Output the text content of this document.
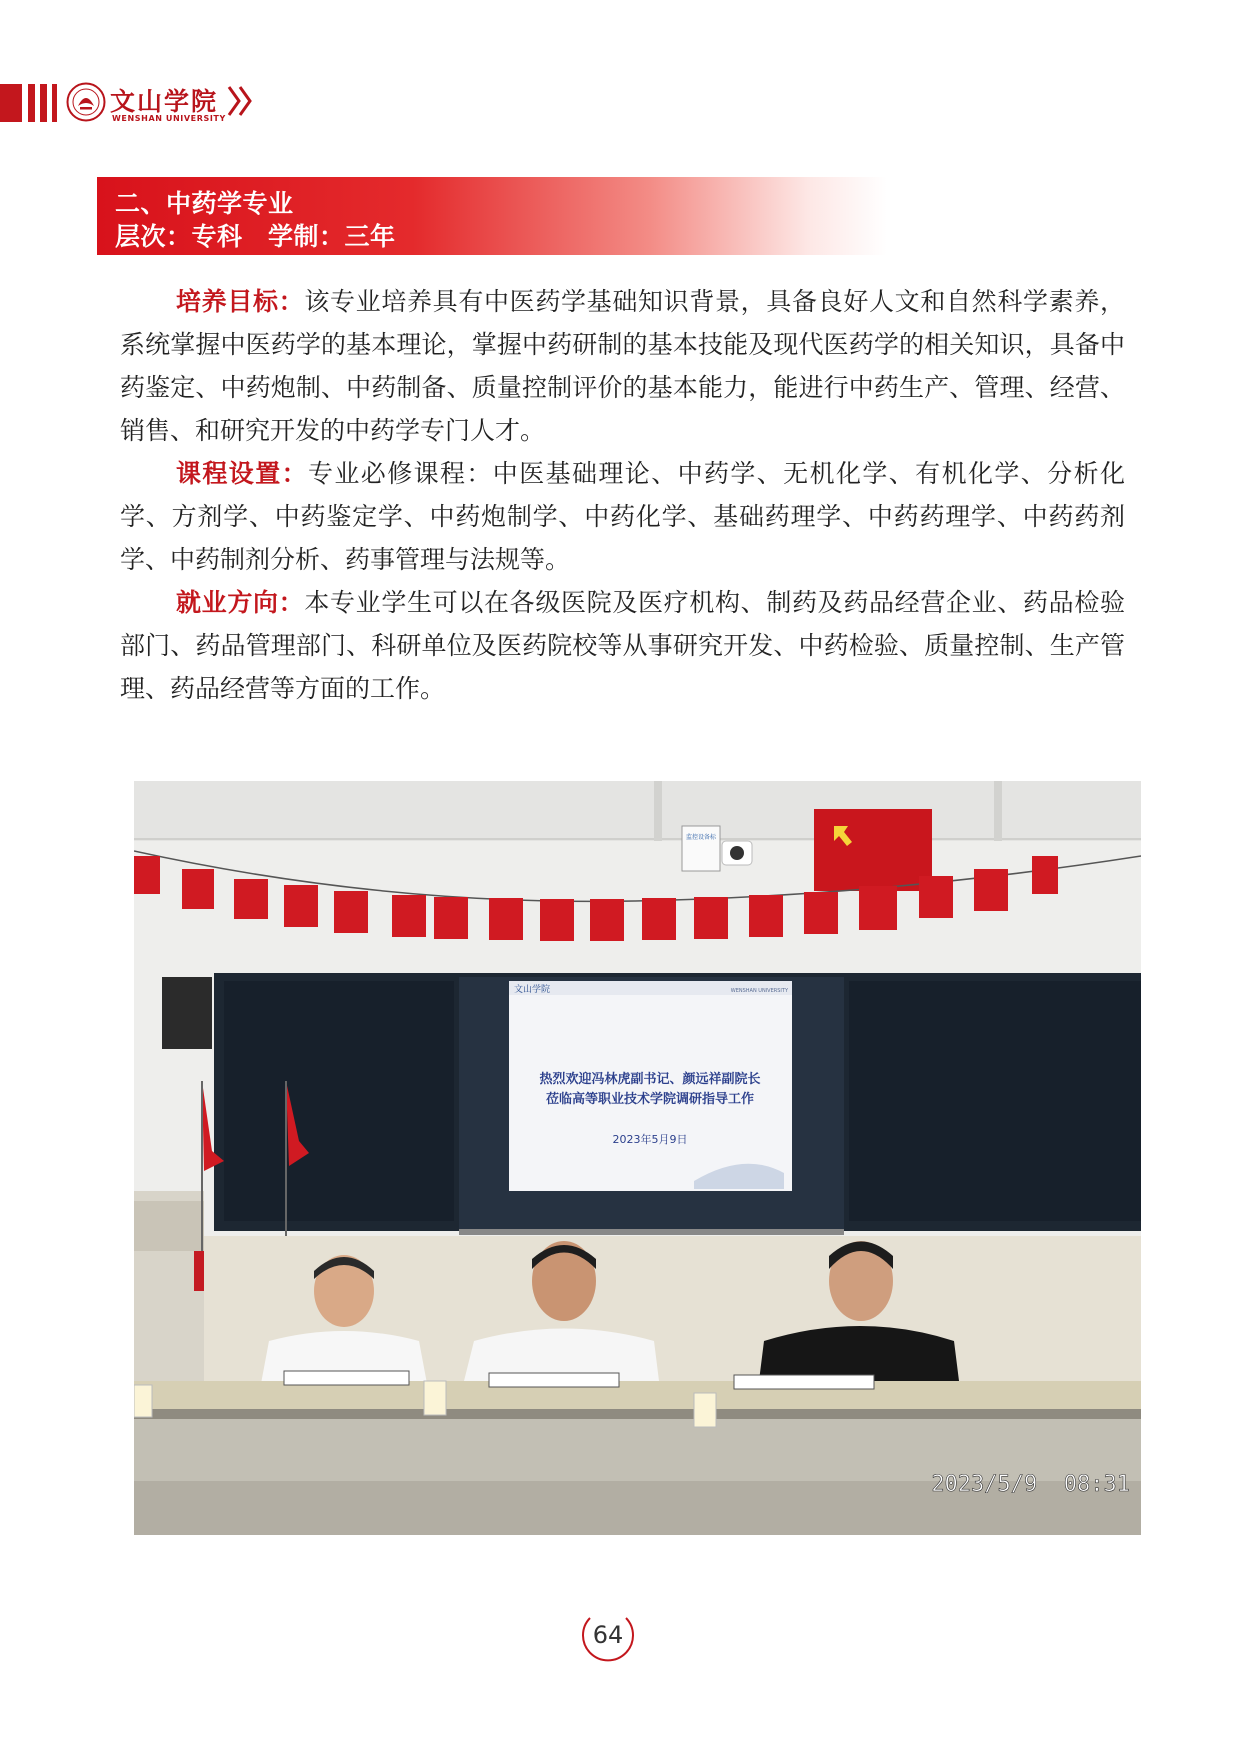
文山学院
WENSHAN UNIVERSITY
二、中药学专业
层次：专科　学制：三年

培养目标：该专业培养具有中医药学基础知识背景，具备良好人文和自然科学素养，系统掌握中医药学的基本理论，掌握中药研制的基本技能及现代医药学的相关知识，具备中药鉴定、中药炮制、中药制备、质量控制评价的基本能力，能进行中药生产、管理、经营、销售、和研究开发的中药学专门人才。

课程设置：专业必修课程：中医基础理论、中药学、无机化学、有机化学、分析化学、方剂学、中药鉴定学、中药炮制学、中药化学、基础药理学、中药药理学、中药药剂学、中药制剂分析、药事管理与法规等。

就业方向：本专业学生可以在各级医院及医疗机构、制药及药品经营企业、药品检验部门、药品管理部门、科研单位及医药院校等从事研究开发、中药检验、质量控制、生产管理、药品经营等方面的工作。

监控设备标
文山学院	WENSHAN UNIVERSITY
热烈欢迎冯林虎副书记、颜远祥副院长
莅临高等职业技术学院调研指导工作
2023年5月9日
2023/5/9  08:31
64
